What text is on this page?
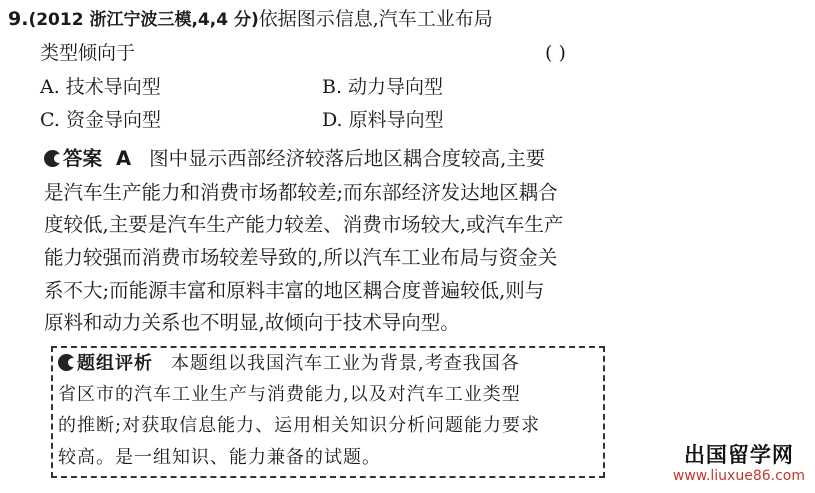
9.(2012 浙江宁波三模,4,4 分)依据图示信息,汽车工业布局
类型倾向于	( )
A. 技术导向型	B. 动力导向型
C. 资金导向型	D. 原料导向型
答案 A 图中显示西部经济较落后地区耦合度较高,主要
是汽车生产能力和消费市场都较差;而东部经济发达地区耦合
度较低,主要是汽车生产能力较差、消费市场较大,或汽车生产
能力较强而消费市场较差导致的,所以汽车工业布局与资金关
系不大;而能源丰富和原料丰富的地区耦合度普遍较低,则与
原料和动力关系也不明显,故倾向于技术导向型。
题组评析 本题组以我国汽车工业为背景,考查我国各
省区市的汽车工业生产与消费能力,以及对汽车工业类型
的推断;对获取信息能力、运用相关知识分析问题能力要求
较高。是一组知识、能力兼备的试题。	出国留学网
www.liuxue86.com
